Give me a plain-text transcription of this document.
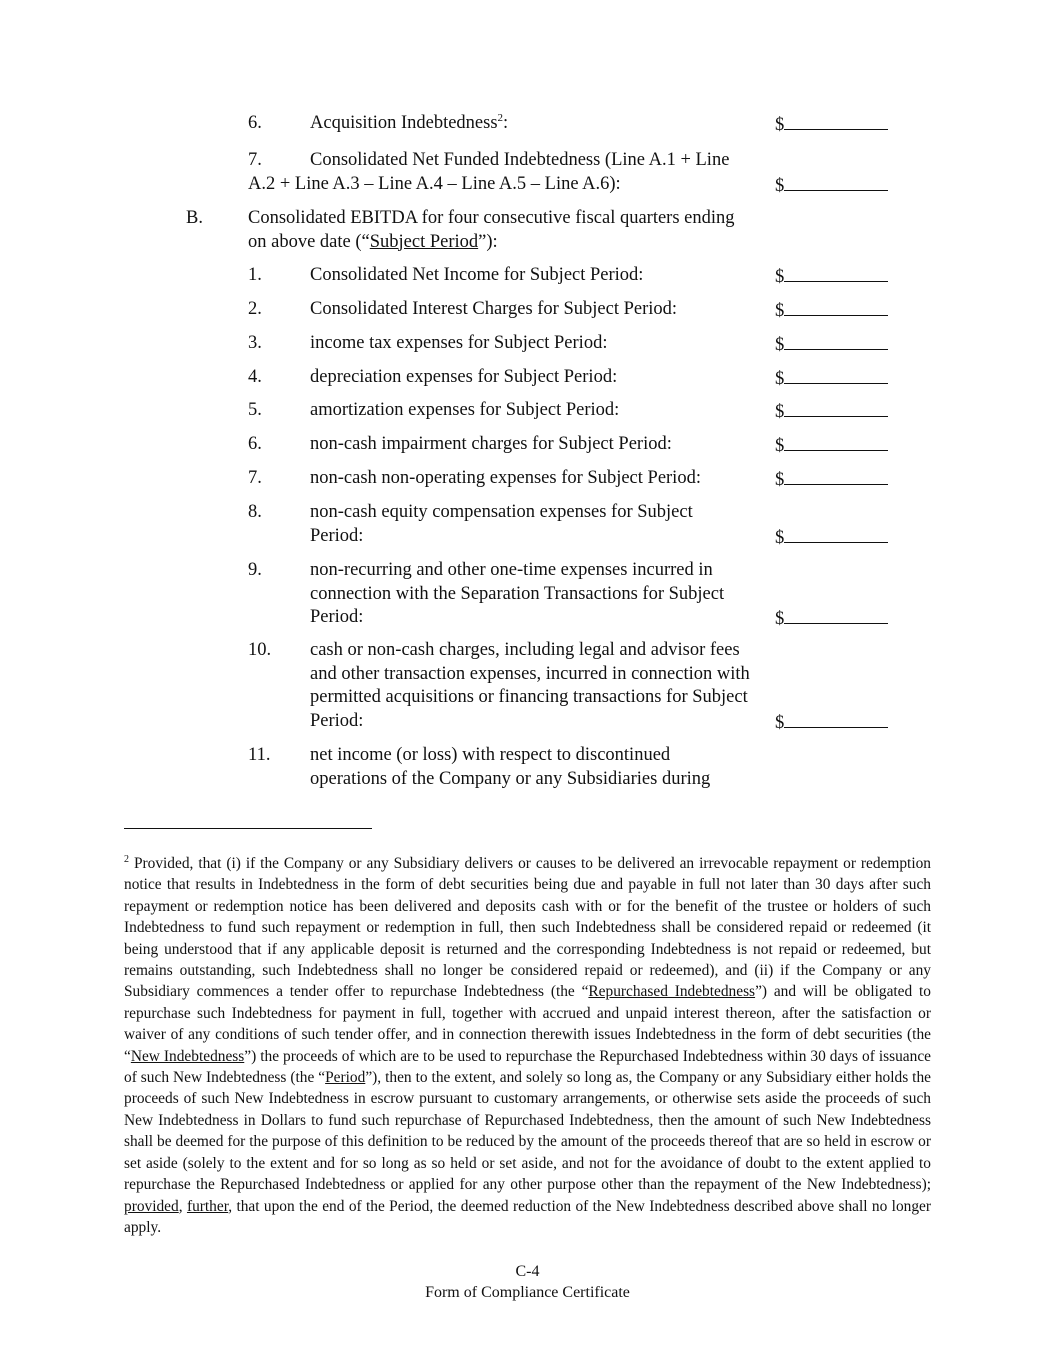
6.	Acquisition Indebtedness$^2$:	$
7.	Consolidated Net Funded Indebtedness (Line A.1 + Line
A.2 + Line A.3 – Line A.4 – Line A.5 – Line A.6):	$
B. Consolidated EBITDA for four consecutive fiscal quarters ending
on above date (“Subject Period”):
1.	Consolidated Net Income for Subject Period:	$
2.	Consolidated Interest Charges for Subject Period:	$
3.	income tax expenses for Subject Period:	$
4.	depreciation expenses for Subject Period:	$
5.	amortization expenses for Subject Period:	$
6.	non-cash impairment charges for Subject Period:	$
7.	non-cash non-operating expenses for Subject Period:	$
8.	non-cash equity compensation expenses for Subject Period:	$
9.	non-recurring and other one-time expenses incurred in connection with the Separation Transactions for Subject Period:	$
10. cash or non-cash charges, including legal and advisor fees and other transaction expenses, incurred in connection with permitted acquisitions or financing transactions for Subject Period:	$
11. net income (or loss) with respect to discontinued operations of the Company or any Subsidiaries during
$^2$ Provided, that (i) if the Company or any Subsidiary delivers or causes to be delivered an irrevocable repayment or redemption notice that results in Indebtedness in the form of debt securities being due and payable in full not later than 30 days after such repayment or redemption notice has been delivered and deposits cash with or for the benefit of the trustee or holders of such Indebtedness to fund such repayment or redemption in full, then such Indebtedness shall be considered repaid or redeemed (it being understood that if any applicable deposit is returned and the corresponding Indebtedness is not repaid or redeemed, but remains outstanding, such Indebtedness shall no longer be considered repaid or redeemed), and (ii) if the Company or any Subsidiary commences a tender offer to repurchase Indebtedness (the “Repurchased Indebtedness”) and will be obligated to repurchase such Indebtedness for payment in full, together with accrued and unpaid interest thereon, after the satisfaction or waiver of any conditions of such tender offer, and in connection therewith issues Indebtedness in the form of debt securities (the “New Indebtedness”) the proceeds of which are to be used to repurchase the Repurchased Indebtedness within 30 days of issuance of such New Indebtedness (the “Period”), then to the extent, and solely so long as, the Company or any Subsidiary either holds the proceeds of such New Indebtedness in escrow pursuant to customary arrangements, or otherwise sets aside the proceeds of such New Indebtedness in Dollars to fund such repurchase of Repurchased Indebtedness, then the amount of such New Indebtedness shall be deemed for the purpose of this definition to be reduced by the amount of the proceeds thereof that are so held in escrow or set aside (solely to the extent and for so long as so held or set aside, and not for the avoidance of doubt to the extent applied to repurchase the Repurchased Indebtedness or applied for any other purpose other than the repayment of the New Indebtedness); provided, further, that upon the end of the Period, the deemed reduction of the New Indebtedness described above shall no longer apply.
C-4
Form of Compliance Certificate
